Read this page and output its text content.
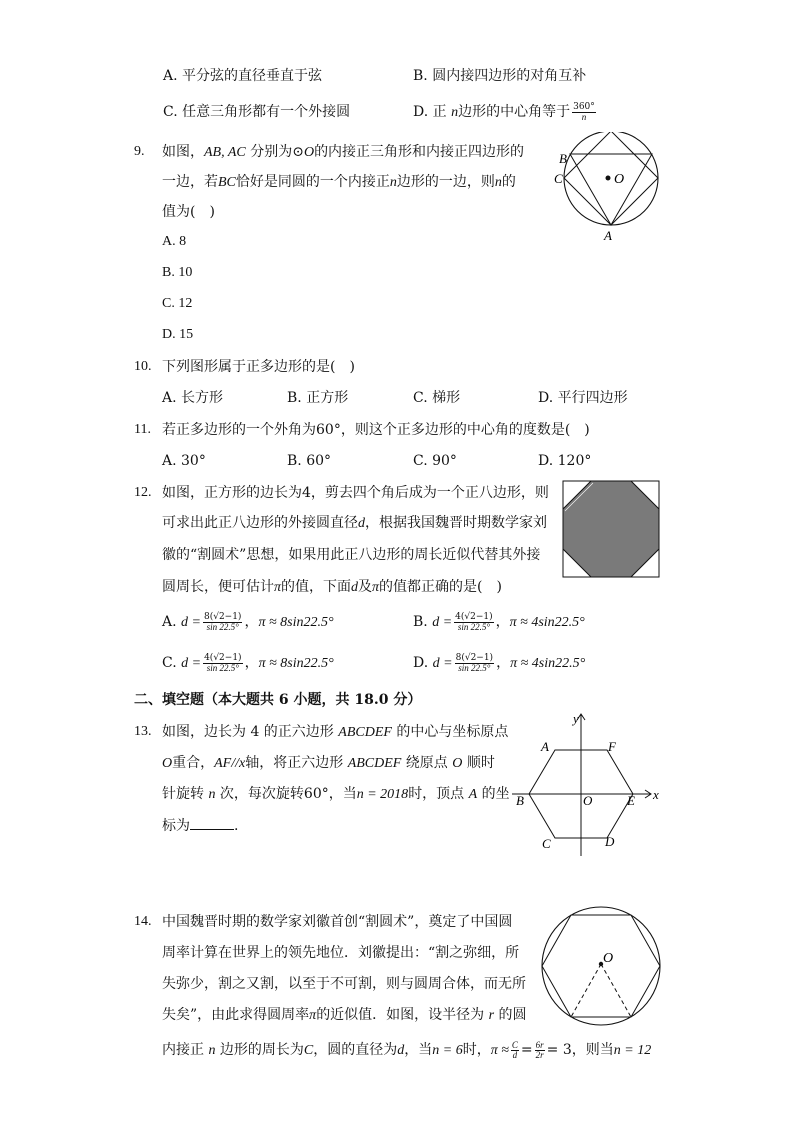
A. 平分弦的直径垂直于弦	B. 圆内接四边形的对角互补
C. 任意三角形都有一个外接圆	D. 正 n边形的中心角等于 $\frac{360^\circ}{n}$
9. 如图，AB, AC 分别为⊙O的内接正三角形和内接正四边形的
一边，若BC恰好是同圆的一个内接正n边形的一边，则n的
值为(　)
A. 8
B. 10
C. 12
D. 15
O
B
C
A
10. 下列图形属于正多边形的是(　)
A. 长方形	B. 正方形	C. 梯形	D. 平行四边形
11. 若正多边形的一个外角为60°，则这个正多边形的中心角的度数是(　)
A. 30°	B. 60°	C. 90°	D. 120°
12. 如图，正方形的边长为4，剪去四个角后成为一个正八边形，则
可求出此正八边形的外接圆直径d，根据我国魏晋时期数学家刘
徽的“割圆术”思想，如果用此正八边形的周长近似代替其外接
圆周长，便可估计π的值，下面d及π的值都正确的是(　)
A. $d = \frac{8(√2-1)}{\sin 22.5^\circ}$ ，π ≈ 8sin22.5°	B. $d = \frac{4(√2-1)}{\sin 22.5^\circ}$ ，π ≈ 4sin22.5°
C. $d = \frac{4(√2-1)}{\sin 22.5^\circ}$ ，π ≈ 8sin22.5°	D. $d = \frac{8(√2-1)}{\sin 22.5^\circ}$ ，π ≈ 4sin22.5°
二、填空题（本大题共 6 小题，共 18.0 分）
13. 如图，边长为 4 的正六边形 ABCDEF 的中心与坐标原点
O重合，AF//x轴，将正六边形 ABCDEF 绕原点 O 顺时
针旋转 n 次，每次旋转60°，当n = 2018时，顶点 A 的坐
标为	.
y
x
A	F
B	O	E
C	D
14. 中国魏晋时期的数学家刘徽首创“割圆术”，奠定了中国圆
周率计算在世界上的领先地位．刘徽提出：“割之弥细，所
失弥少，割之又割，以至于不可割，则与圆周合体，而无所
失矣”，由此求得圆周率π的近似值．如图，设半径为 r 的圆
内接正 n 边形的周长为C，圆的直径为d，当n = 6时，$\pi \approx \frac{C}{d} = \frac{6r}{2r} = 3$，则当n = 12
O
